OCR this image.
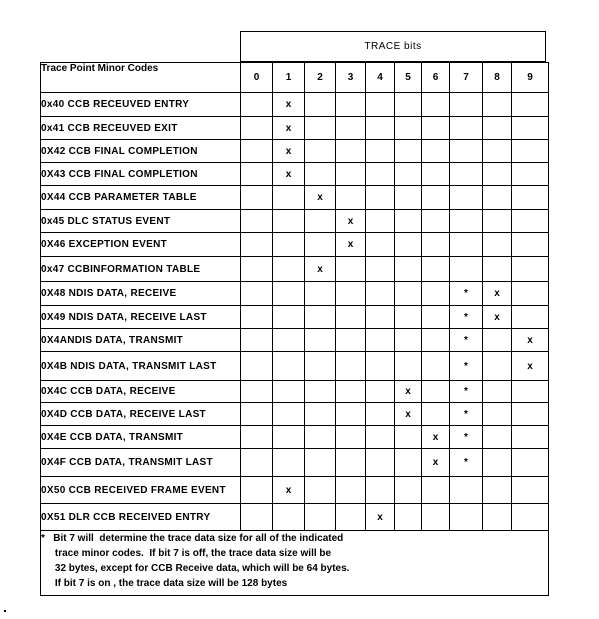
TRACE bits
Trace Point Minor Codes	0	1	2	3	4	5	6	7	8	9
0x40 CCB RECEUVED ENTRY		x								
0x41 CCB RECEUVED EXIT		x								
0X42 CCB FINAL COMPLETION		x								
0X43 CCB FINAL COMPLETION		x								
0X44 CCB PARAMETER TABLE			x							
0x45 DLC STATUS EVENT				x						
0X46 EXCEPTION EVENT				x						
0x47 CCBINFORMATION TABLE			x							
0X48 NDIS DATA, RECEIVE								*	x	
0X49 NDIS DATA, RECEIVE LAST								*	x	
0X4ANDIS DATA, TRANSMIT								*		x
0X4B NDIS DATA, TRANSMIT LAST								*		x
0X4C CCB DATA, RECEIVE						x		*		
0X4D CCB DATA, RECEIVE LAST						x		*		
0X4E CCB DATA, TRANSMIT							x	*		
0X4F CCB DATA, TRANSMIT LAST							x	*		
0X50 CCB RECEIVED FRAME EVENT		x								
0X51 DLR CCB RECEIVED ENTRY					x					

*   Bit 7 will  determine the trace data size for all of the indicated
trace minor codes.  If bit 7 is off, the trace data size will be
32 bytes, except for CCB Receive data, which will be 64 bytes.
If bit 7 is on , the trace data size will be 128 bytes										
